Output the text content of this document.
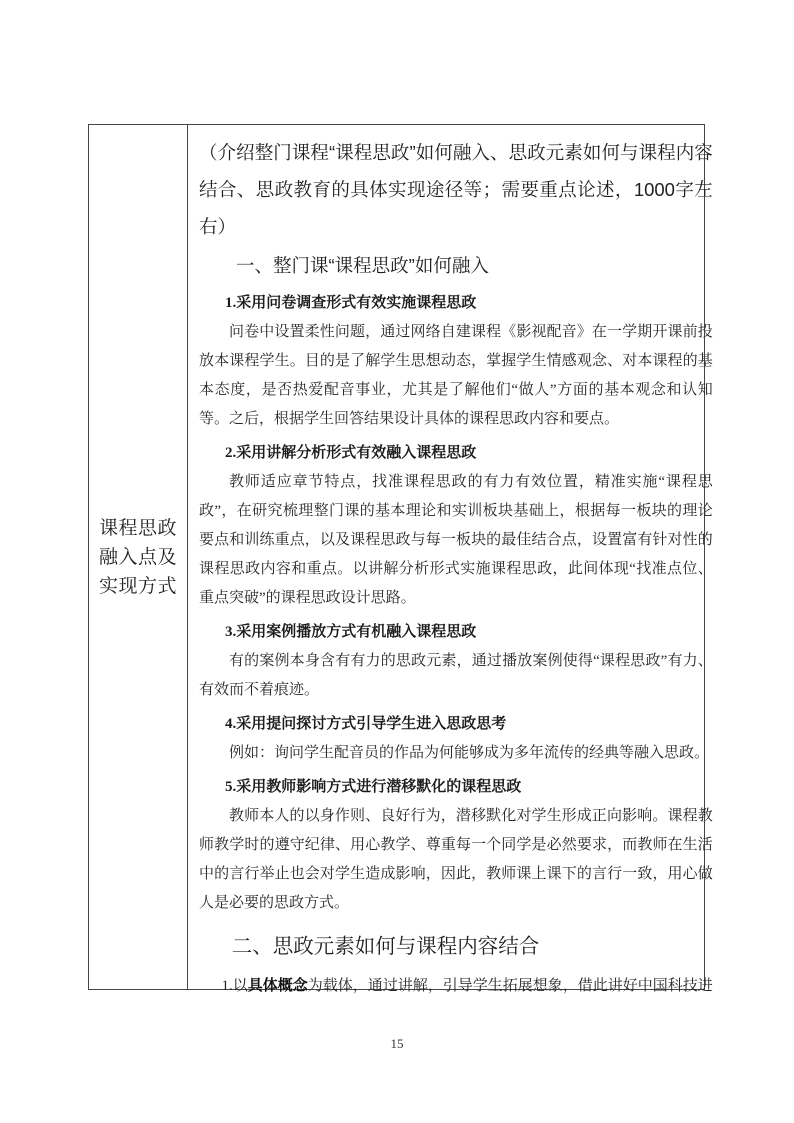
课程思政
融入点及
实现方式

（介绍整门课程“课程思政”如何融入、思政元素如何与课程内容结合、思政教育的具体实现途径等；需要重点论述，1000字左右）

一、整门课“课程思政”如何融入

1.采用问卷调查形式有效实施课程思政

问卷中设置柔性问题，通过网络自建课程《影视配音》在一学期开课前投放本课程学生。目的是了解学生思想动态，掌握学生情感观念、对本课程的基本态度，是否热爱配音事业，尤其是了解他们“做人”方面的基本观念和认知等。之后，根据学生回答结果设计具体的课程思政内容和要点。

2.采用讲解分析形式有效融入课程思政

教师适应章节特点，找准课程思政的有力有效位置，精准实施“课程思政”，在研究梳理整门课的基本理论和实训板块基础上，根据每一板块的理论要点和训练重点，以及课程思政与每一板块的最佳结合点，设置富有针对性的课程思政内容和重点。以讲解分析形式实施课程思政，此间体现“找准点位、重点突破”的课程思政设计思路。

3.采用案例播放方式有机融入课程思政

有的案例本身含有有力的思政元素，通过播放案例使得“课程思政”有力、有效而不着痕迹。

4.采用提问探讨方式引导学生进入思政思考

例如：询问学生配音员的作品为何能够成为多年流传的经典等融入思政。

5.采用教师影响方式进行潜移默化的课程思政

教师本人的以身作则、良好行为，潜移默化对学生形成正向影响。课程教师教学时的遵守纪律、用心教学、尊重每一个同学是必然要求，而教师在生活中的言行举止也会对学生造成影响，因此，教师课上课下的言行一致，用心做人是必要的思政方式。

二、思政元素如何与课程内容结合

1.以具体概念为载体，通过讲解，引导学生拓展想象，借此讲好中国科技进

15
